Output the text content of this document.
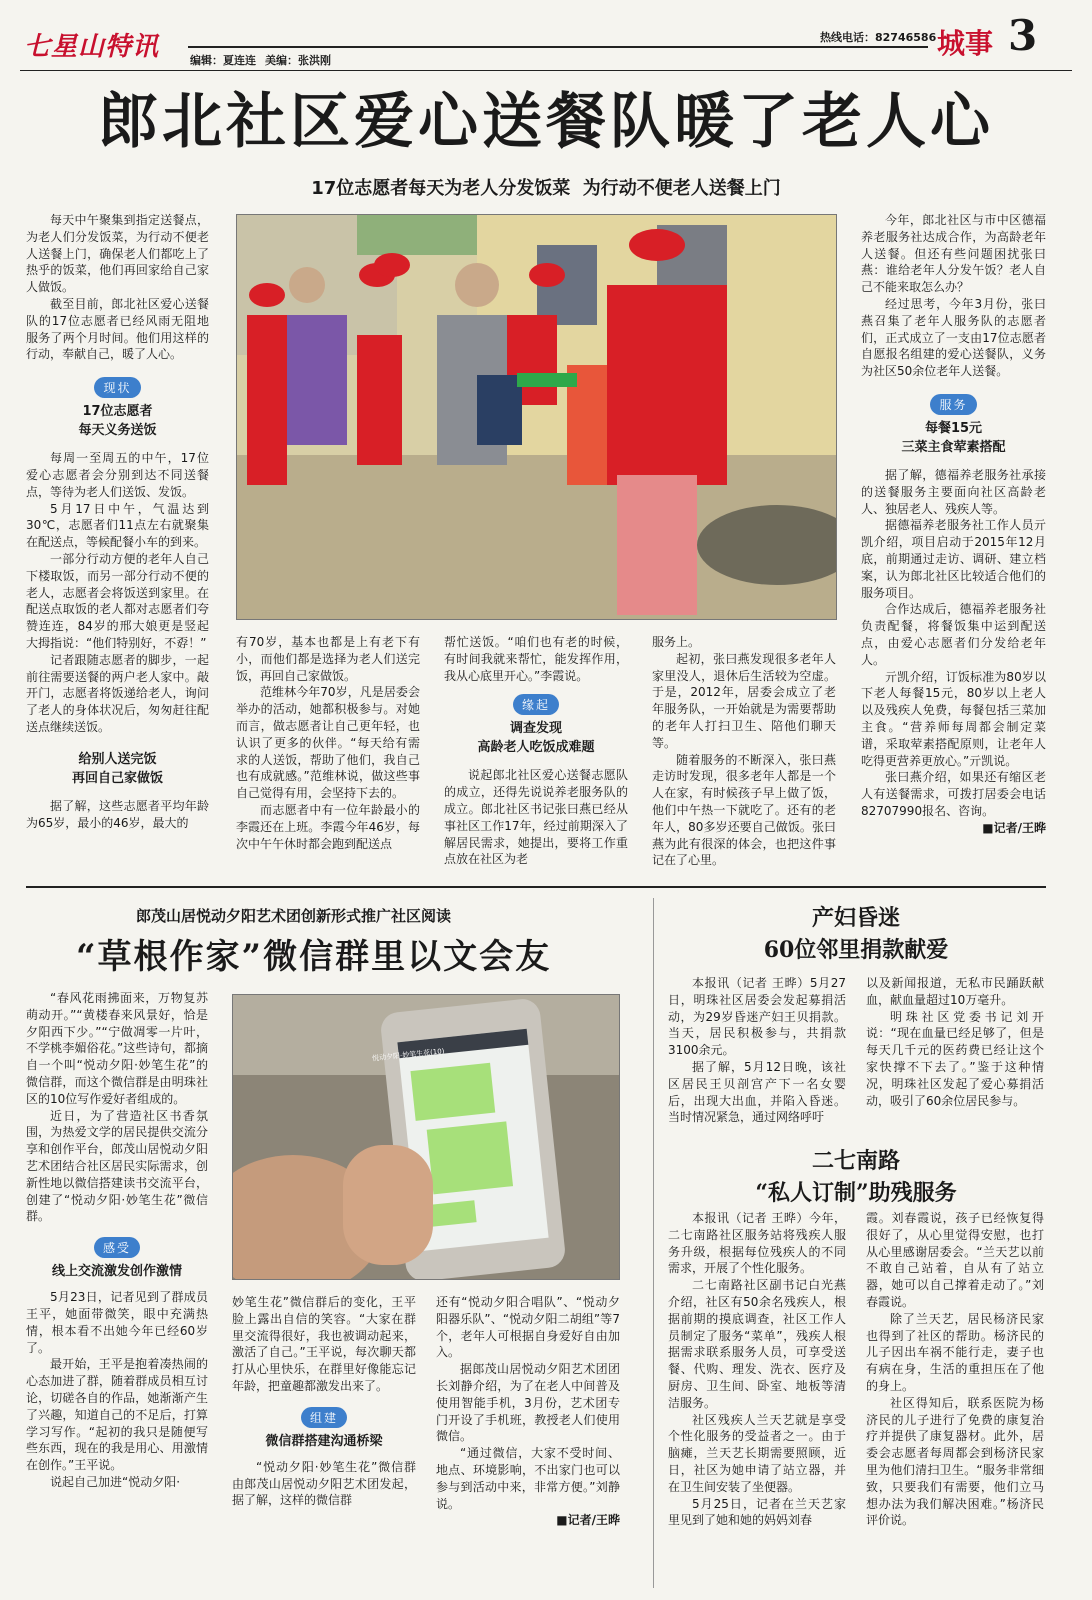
七星山特讯	编辑：夏连连 美编：张洪刚
热线电话：82746586 城事 3
郎北社区爱心送餐队暖了老人心
17位志愿者每天为老人分发饭菜  为行动不便老人送餐上门

每天中午聚集到指定送餐点，为老人们分发饭菜，为行动不便老人送餐上门，确保老人们都吃上了热乎的饭菜，他们再回家给自己家人做饭。

截至目前，郎北社区爱心送餐队的17位志愿者已经风雨无阻地服务了两个月时间。他们用这样的行动，奉献自己，暖了人心。

现状
17位志愿者
每天义务送饭

每周一至周五的中午，17位爱心志愿者会分别到达不同送餐点，等待为老人们送饭、发饭。

5月17日中午，气温达到30℃，志愿者们11点左右就聚集在配送点，等候配餐小车的到来。

一部分行动方便的老年人自己下楼取饭，而另一部分行动不便的老人，志愿者会将饭送到家里。在配送点取饭的老人都对志愿者们夸赞连连，84岁的邢大娘更是竖起大拇指说：“他们特别好，不孬！”

记者跟随志愿者的脚步，一起前往需要送餐的两户老人家中。敲开门，志愿者将饭递给老人，询问了老人的身体状况后，匆匆赶往配送点继续送饭。

给别人送完饭
再回自己家做饭

据了解，这些志愿者平均年龄为65岁，最小的46岁，最大的

有70岁，基本也都是上有老下有小，而他们都是选择为老人们送完饭，再回自己家做饭。

范维林今年70岁，凡是居委会举办的活动，她都积极参与。对她而言，做志愿者让自己更年轻，也认识了更多的伙伴。“每天给有需求的人送饭，帮助了他们，我自己也有成就感。”范维林说，做这些事自己觉得有用，会坚持下去的。

而志愿者中有一位年龄最小的李霞还在上班。李霞今年46岁，每次中午午休时都会跑到配送点

帮忙送饭。“咱们也有老的时候，有时间我就来帮忙，能发挥作用，我从心底里开心。”李霞说。

缘起
调查发现
高龄老人吃饭成难题

说起郎北社区爱心送餐志愿队的成立，还得先说说养老服务队的成立。郎北社区书记张曰燕已经从事社区工作17年，经过前期深入了解居民需求，她提出，要将工作重点放在社区为老

服务上。

起初，张曰燕发现很多老年人家里没人，退休后生活较为空虚。于是，2012年，居委会成立了老年服务队，一开始就是为需要帮助的老年人打扫卫生、陪他们聊天等。

随着服务的不断深入，张曰燕走访时发现，很多老年人都是一个人在家，有时候孩子早上做了饭，他们中午热一下就吃了。还有的老年人，80多岁还要自己做饭。张曰燕为此有很深的体会，也把这件事记在了心里。

今年，郎北社区与市中区德福养老服务社达成合作，为高龄老年人送餐。但还有些问题困扰张曰燕：谁给老年人分发午饭？老人自己不能来取怎么办？

经过思考，今年3月份，张曰燕召集了老年人服务队的志愿者们，正式成立了一支由17位志愿者自愿报名组建的爱心送餐队，义务为社区50余位老年人送餐。

服务
每餐15元
三菜主食荤素搭配

据了解，德福养老服务社承接的送餐服务主要面向社区高龄老人、独居老人、残疾人等。

据德福养老服务社工作人员亓凯介绍，项目启动于2015年12月底，前期通过走访、调研、建立档案，认为郎北社区比较适合他们的服务项目。

合作达成后，德福养老服务社负责配餐，将餐饭集中运到配送点，由爱心志愿者们分发给老年人。

亓凯介绍，订饭标准为80岁以下老人每餐15元，80岁以上老人以及残疾人免费，每餐包括三菜加主食。“营养师每周都会制定菜谱，采取荤素搭配原则，让老年人吃得更营养更放心。”亓凯说。

张曰燕介绍，如果还有缩区老人有送餐需求，可拨打居委会电话82707990报名、咨询。

■记者/王晔
郎茂山居悦动夕阳艺术团创新形式推广社区阅读
“草根作家”微信群里以文会友

“春风花雨拂面来，万物复苏萌动开。”“黄楼春来风景好，恰是夕阳西下少。”“宁做凋零一片叶，不学桃李媚俗花。”这些诗句，都摘自一个叫“悦动夕阳·妙笔生花”的微信群，而这个微信群是由明珠社区的10位写作爱好者组成的。

近日，为了营造社区书香氛围，为热爱文学的居民提供交流分享和创作平台，郎茂山居悦动夕阳艺术团结合社区居民实际需求，创新性地以微信搭建读书交流平台，创建了“悦动夕阳·妙笔生花”微信群。

感受
线上交流激发创作激情

5月23日，记者见到了群成员王平，她面带微笑，眼中充满热情，根本看不出她今年已经60岁了。

最开始，王平是抱着凑热闹的心态加进了群，随着群成员相互讨论，切磋各自的作品，她渐渐产生了兴趣，知道自己的不足后，打算学习写作。“起初的我只是随便写些东西，现在的我是用心、用激情在创作。”王平说。

说起自己加进“悦动夕阳·

悦动夕阳·妙笔生花(10)

妙笔生花”微信群后的变化，王平脸上露出自信的笑容。“大家在群里交流得很好，我也被调动起来，激活了自己。”王平说，每次聊天都打从心里快乐，在群里好像能忘记年龄，把童趣都激发出来了。

组建
微信群搭建沟通桥梁

“悦动夕阳·妙笔生花”微信群由郎茂山居悦动夕阳艺术团发起，据了解，这样的微信群

还有“悦动夕阳合唱队”、“悦动夕阳器乐队”、“悦动夕阳二胡组”等7个，老年人可根据自身爱好自由加入。

据郎茂山居悦动夕阳艺术团团长刘静介绍，为了在老人中间普及使用智能手机，3月份，艺术团专门开设了手机班，教授老人们使用微信。

“通过微信，大家不受时间、地点、环境影响，不出家门也可以参与到活动中来，非常方便。”刘静说。

■记者/王晔
产妇昏迷
60位邻里捐款献爱

本报讯（记者 王晔）5月27日，明珠社区居委会发起募捐活动，为29岁昏迷产妇王贝捐款。当天，居民积极参与，共捐款3100余元。

据了解，5月12日晚，该社区居民王贝剖宫产下一名女婴后，出现大出血，并陷入昏迷。当时情况紧急，通过网络呼吁

以及新闻报道，无私市民踊跃献血，献血量超过10万毫升。

明珠社区党委书记刘开说：“现在血量已经足够了，但是每天几千元的医药费已经让这个家快撑不下去了。”鉴于这种情况，明珠社区发起了爱心募捐活动，吸引了60余位居民参与。

二七南路
“私人订制”助残服务

本报讯（记者 王晔）今年，二七南路社区服务站将残疾人服务升级，根据每位残疾人的不同需求，开展了个性化服务。

二七南路社区副书记白光燕介绍，社区有50余名残疾人，根据前期的摸底调查，社区工作人员制定了服务“菜单”，残疾人根据需求联系服务人员，可享受送餐、代购、理发、洗衣、医疗及厨房、卫生间、卧室、地板等清洁服务。

社区残疾人兰天艺就是享受个性化服务的受益者之一。由于脑瘫，兰天艺长期需要照顾，近日，社区为她申请了站立器，并在卫生间安装了坐便器。

5月25日，记者在兰天艺家里见到了她和她的妈妈刘春

霞。刘春霞说，孩子已经恢复得很好了，从心里觉得安慰，也打从心里感谢居委会。“兰天艺以前不敢自己站着，自从有了站立器，她可以自己撑着走动了。”刘春霞说。

除了兰天艺，居民杨济民家也得到了社区的帮助。杨济民的儿子因出车祸不能行走，妻子也有病在身，生活的重担压在了他的身上。

社区得知后，联系医院为杨济民的儿子进行了免费的康复治疗并提供了康复器材。此外，居委会志愿者每周都会到杨济民家里为他们清扫卫生。“服务非常细致，只要我们有需要，他们立马想办法为我们解决困难。”杨济民评价说。
